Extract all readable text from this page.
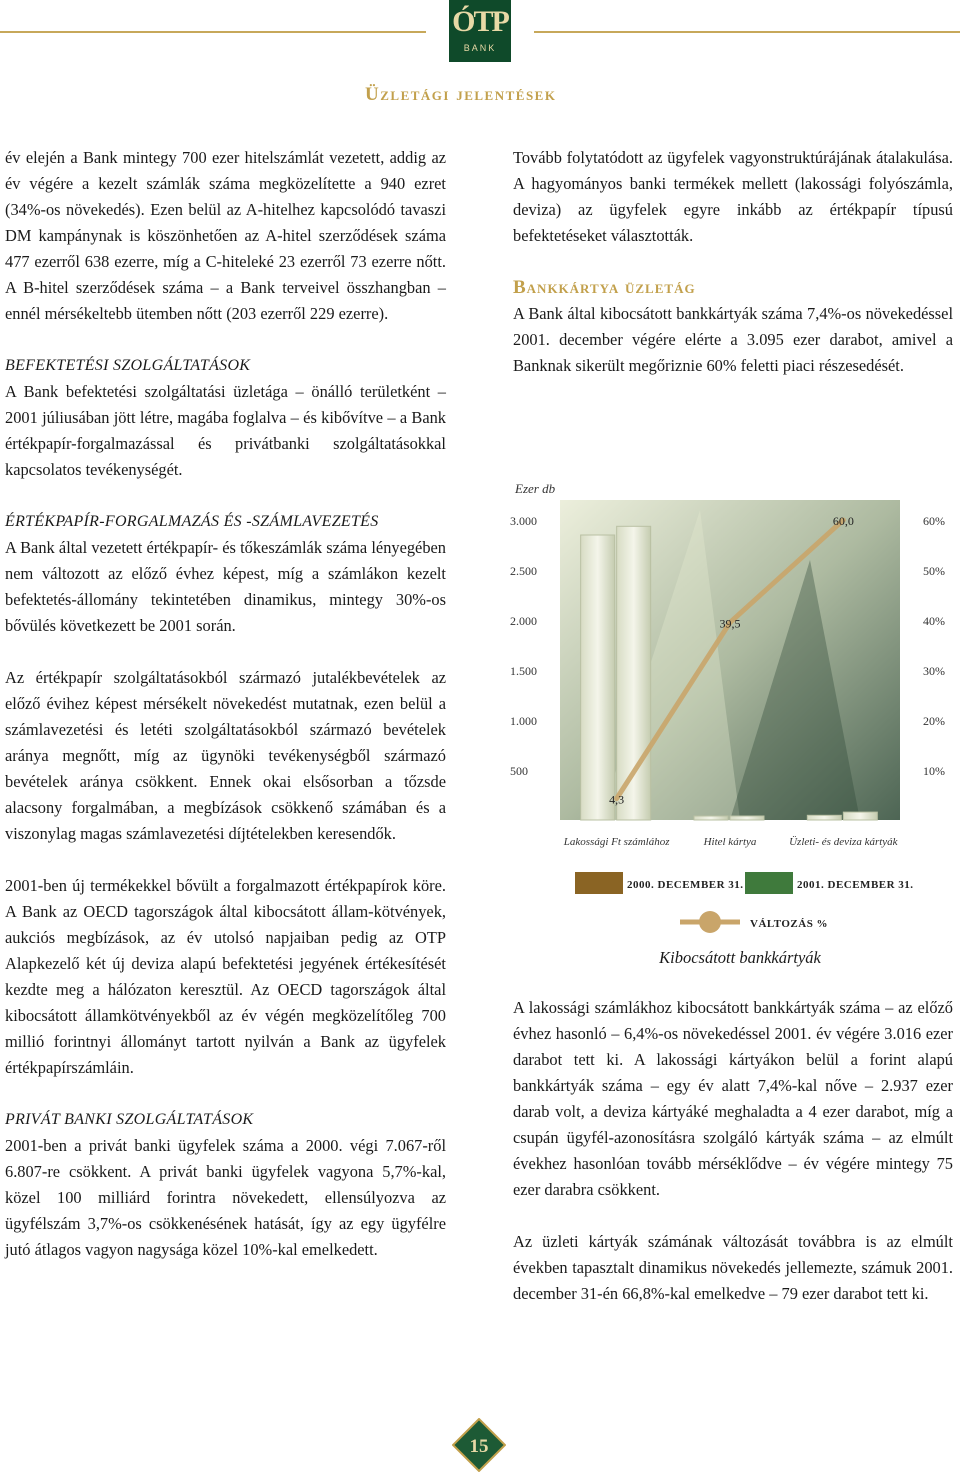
ÓTP
BANK
Üzletági jelentések

év elején a Bank mintegy 700 ezer hitelszámlát vezetett, addig az év végére a kezelt számlák száma megközelítette a 940 ezret (34%-os növekedés). Ezen belül az A-hitelhez kapcsolódó tavaszi DM kampánynak is köszönhetően az A-hitel szerződések száma 477 ezerről 638 ezerre, míg a C-hiteleké 23 ezerről 73 ezerre nőtt. A B-hitel szerződések száma – a Bank terveivel összhangban – ennél mérsékeltebb ütemben nőtt (203 ezerről 229 ezerre).

BEFEKTETÉSI SZOLGÁLTATÁSOK

A Bank befektetési szolgáltatási üzletága – önálló területként – 2001 júliusában jött létre, magába foglalva – és kibővítve – a Bank értékpapír-forgalmazással és privátbanki szolgáltatásokkal kapcsolatos tevékenységét.

ÉRTÉKPAPÍR-FORGALMAZÁS ÉS -SZÁMLAVEZETÉS

A Bank által vezetett értékpapír- és tőkeszámlák száma lényegében nem változott az előző évhez képest, míg a számlákon kezelt befektetés-állomány tekintetében dinamikus, mintegy 30%-os bővülés következett be 2001 során.

Az értékpapír szolgáltatásokból származó jutalékbevételek az előző évihez képest mérsékelt növekedést mutatnak, ezen belül a számlavezetési és letéti szolgáltatásokból származó bevételek aránya megnőtt, míg az ügynöki tevékenységből származó bevételek aránya csökkent. Ennek okai elsősorban a tőzsde alacsony forgalmában, a megbízások csökkenő számában és a viszonylag magas számlavezetési díjtételekben keresendők.

2001-ben új termékekkel bővült a forgalmazott értékpapírok köre. A Bank az OECD tagországok által kibocsátott állam-kötvények, aukciós megbízások, az év utolsó napjaiban pedig az OTP Alapkezelő két új deviza alapú befektetési jegyének értékesítését kezdte meg a hálózaton keresztül. Az OECD tagországok által kibocsátott államkötvényekből az év végén megközelítőleg 700 millió forintnyi állományt tartott nyilván a Bank az ügyfelek értékpapírszámláin.

PRIVÁT BANKI SZOLGÁLTATÁSOK

2001-ben a privát banki ügyfelek száma a 2000. végi 7.067-ről 6.807-re csökkent. A privát banki ügyfelek vagyona 5,7%-kal, közel 100 milliárd forintra növekedett, ellensúlyozva az ügyfélszám 3,7%-os csökkenésének hatását, így az egy ügyfélre jutó átlagos vagyon nagysága közel 10%-kal emelkedett.

Tovább folytatódott az ügyfelek vagyonstruktúrájának átalakulása. A hagyományos banki termékek mellett (lakossági folyószámla, deviza) az ügyfelek egyre inkább az értékpapír típusú befektetéseket választották.

Bankkártya üzletág

A Bank által kibocsátott bankkártyák száma 7,4%-os növekedéssel 2001. december végére elérte a 3.095 ezer darabot, amivel a Banknak sikerült megőriznie 60% feletti piaci részesedését.

3.000
2.500
2.000
1.500
1.000
500
60%
50%
40%
30%
20%
10%
Ezer db
Lakossági Ft számlához	Hitel kártya	Üzleti- és deviza kártyák
4,3
39,5
60,0
2000. DECEMBER 31.	2001. DECEMBER 31.
VÁLTOZÁS %
Kibocsátott bankkártyák

A lakossági számlákhoz kibocsátott bankkártyák száma – az előző évhez hasonló – 6,4%-os növekedéssel 2001. év végére 3.016 ezer darabot tett ki. A lakossági kártyákon belül a forint alapú bankkártyák száma – egy év alatt 7,4%-kal nőve – 2.937 ezer darab volt, a deviza kártyáké meghaladta a 4 ezer darabot, míg a csupán ügyfél-azonosításra szolgáló kártyák száma – az elmúlt évekhez hasonlóan tovább mérséklődve – év végére mintegy 75 ezer darabra csökkent.

Az üzleti kártyák számának változását továbbra is az elmúlt években tapasztalt dinamikus növekedés jellemezte, számuk 2001. december 31-én 66,8%-kal emelkedve – 79 ezer darabot tett ki.

15
